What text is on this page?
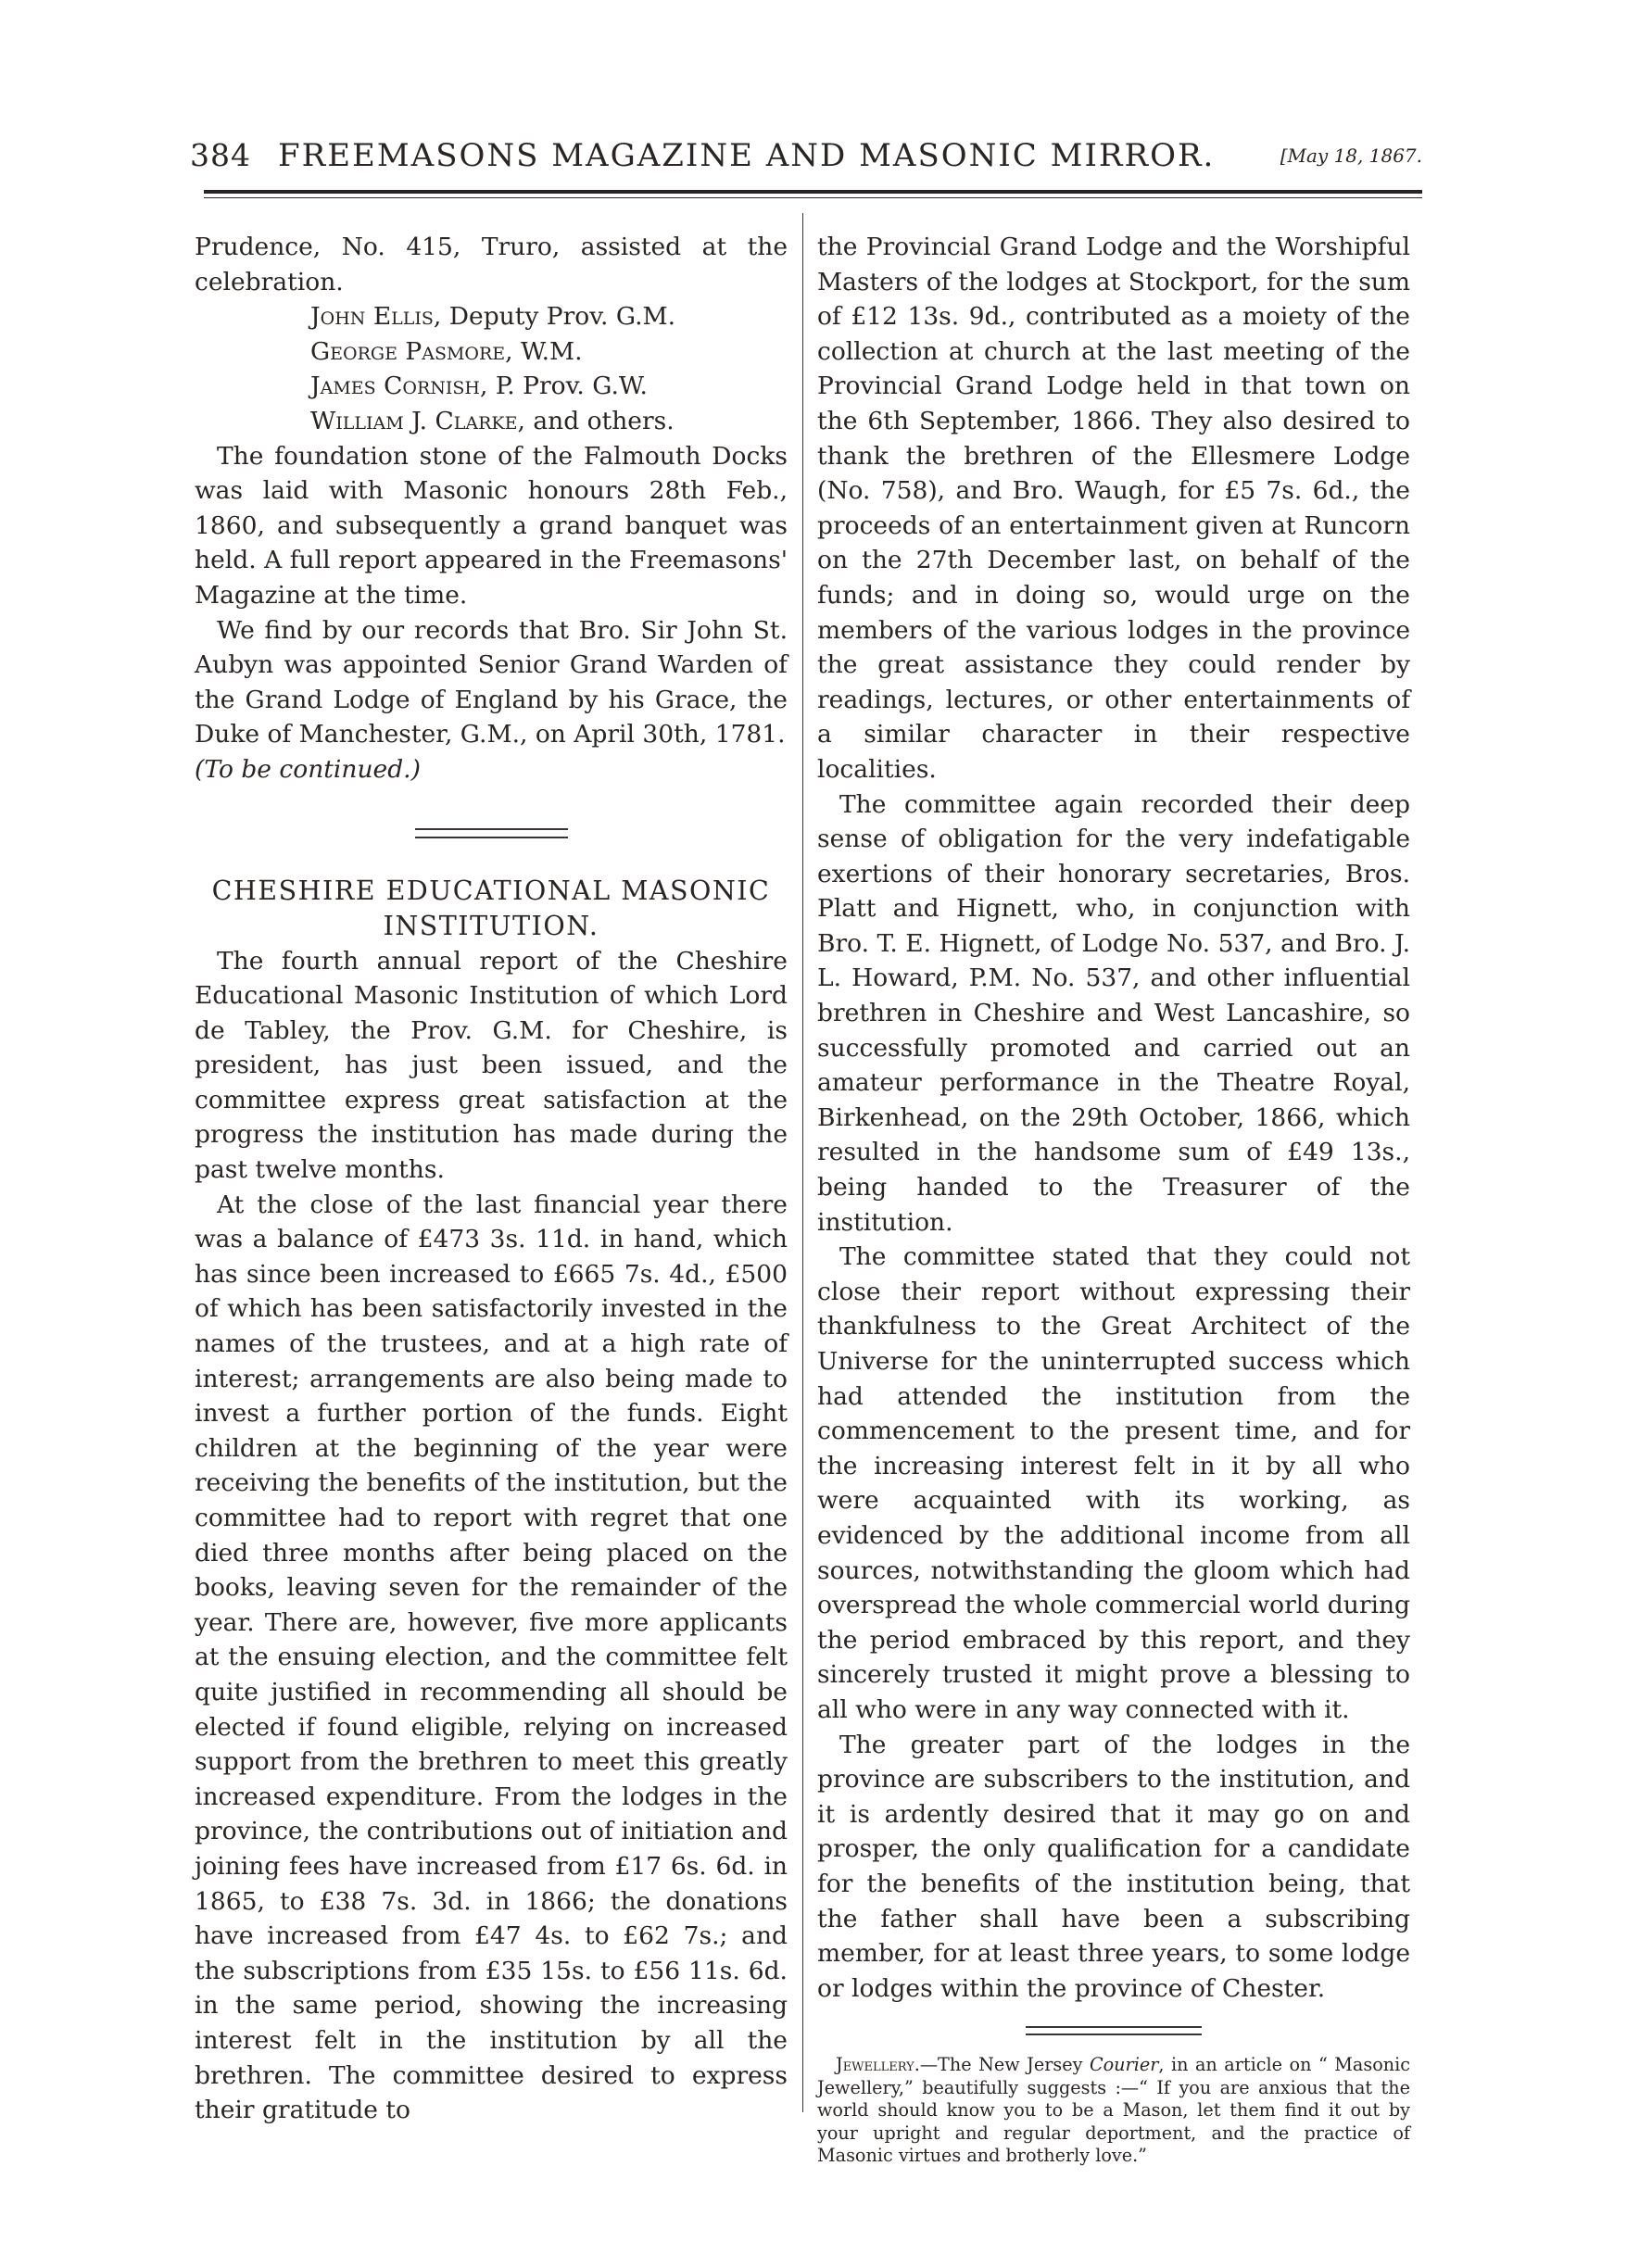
384 FREEMASONS MAGAZINE AND MASONIC MIRROR.	[May 18, 1867.

Prudence, No. 415, Truro, assisted at the celebration.

John Ellis, Deputy Prov. G.M.

George Pasmore, W.M.

James Cornish, P. Prov. G.W.

William J. Clarke, and others.

The foundation stone of the Falmouth Docks was laid with Masonic honours 28th Feb., 1860, and subsequently a grand banquet was held. A full report appeared in the Freemasons' Magazine at the time.

We find by our records that Bro. Sir John St. Aubyn was appointed Senior Grand Warden of the Grand Lodge of England by his Grace, the Duke of Manchester, G.M., on April 30th, 1781.

(To be continued.)

CHESHIRE EDUCATIONAL MASONIC INSTITUTION.

The fourth annual report of the Cheshire Educational Masonic Institution of which Lord de Tabley, the Prov. G.M. for Cheshire, is president, has just been issued, and the committee express great satisfaction at the progress the institution has made during the past twelve months.

At the close of the last financial year there was a balance of £473 3s. 11d. in hand, which has since been increased to £665 7s. 4d., £500 of which has been satisfactorily invested in the names of the trustees, and at a high rate of interest; arrangements are also being made to invest a further portion of the funds. Eight children at the beginning of the year were receiving the benefits of the institution, but the committee had to report with regret that one died three months after being placed on the books, leaving seven for the remainder of the year. There are, however, five more applicants at the ensuing election, and the committee felt quite justified in recommending all should be elected if found eligible, relying on increased support from the brethren to meet this greatly increased expenditure. From the lodges in the province, the contributions out of initiation and joining fees have increased from £17 6s. 6d. in 1865, to £38 7s. 3d. in 1866; the donations have increased from £47 4s. to £62 7s.; and the subscriptions from £35 15s. to £56 11s. 6d. in the same period, showing the increasing interest felt in the institution by all the brethren. The committee desired to express their gratitude to

the Provincial Grand Lodge and the Worshipful Masters of the lodges at Stockport, for the sum of £12 13s. 9d., contributed as a moiety of the collection at church at the last meeting of the Provincial Grand Lodge held in that town on the 6th September, 1866. They also desired to thank the brethren of the Ellesmere Lodge (No. 758), and Bro. Waugh, for £5 7s. 6d., the proceeds of an entertainment given at Runcorn on the 27th December last, on behalf of the funds; and in doing so, would urge on the members of the various lodges in the province the great assistance they could render by readings, lectures, or other entertainments of a similar character in their respective localities.

The committee again recorded their deep sense of obligation for the very indefatigable exertions of their honorary secretaries, Bros. Platt and Hignett, who, in conjunction with Bro. T. E. Hignett, of Lodge No. 537, and Bro. J. L. Howard, P.M. No. 537, and other influential brethren in Cheshire and West Lancashire, so successfully promoted and carried out an amateur performance in the Theatre Royal, Birkenhead, on the 29th October, 1866, which resulted in the handsome sum of £49 13s., being handed to the Treasurer of the institution.

The committee stated that they could not close their report without expressing their thankfulness to the Great Architect of the Universe for the uninterrupted success which had attended the institution from the commencement to the present time, and for the increasing interest felt in it by all who were acquainted with its working, as evidenced by the additional income from all sources, notwithstanding the gloom which had overspread the whole commercial world during the period embraced by this report, and they sincerely trusted it might prove a blessing to all who were in any way connected with it.

The greater part of the lodges in the province are subscribers to the institution, and it is ardently desired that it may go on and prosper, the only qualification for a candidate for the benefits of the institution being, that the father shall have been a subscribing member, for at least three years, to some lodge or lodges within the province of Chester.

Jewellery.—The New Jersey Courier, in an article on “ Masonic Jewellery,” beautifully suggests :—“ If you are anxious that the world should know you to be a Mason, let them find it out by your upright and regular deportment, and the practice of Masonic virtues and brotherly love.”
